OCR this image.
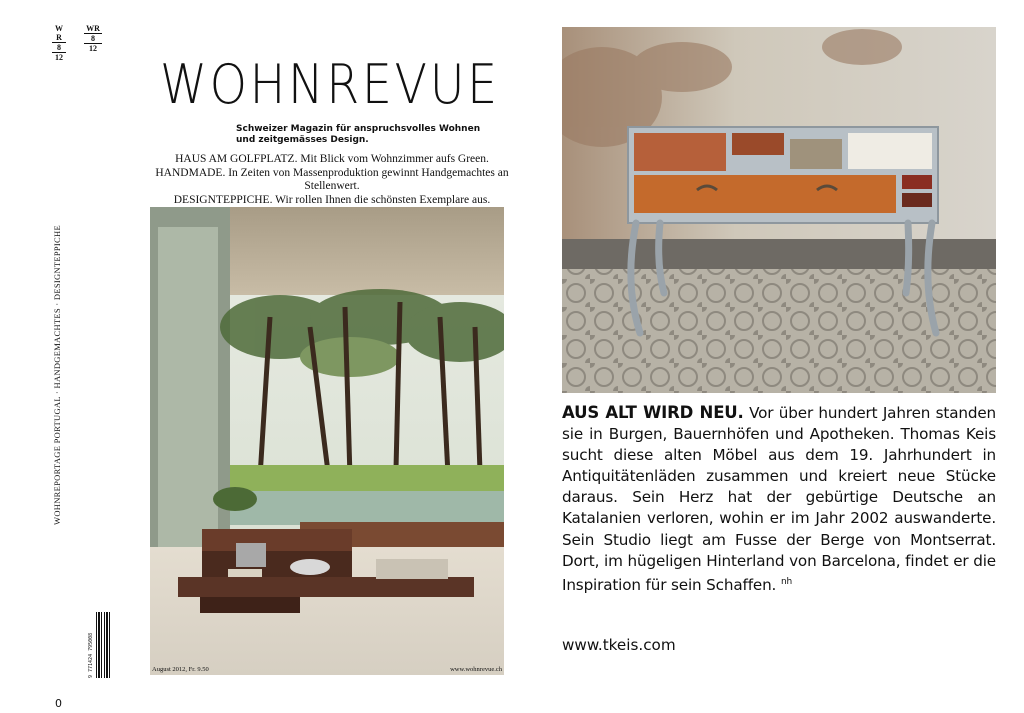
W

R
8
12
WR
8
12
WOHNREPORTAGE PORTUGAL · HANDGEMACHTES · DESIGNTEPPICHE
9 771424 795008
0
WOHNREVUE
Schweizer Magazin für anspruchsvolles Wohnen
und zeitgemässes Design.
HAUS AM GOLFPLATZ. Mit Blick vom Wohnzimmer aufs Green.
HANDMADE. In Zeiten von Massenproduktion gewinnt Handgemachtes an Stellenwert.
DESIGNTEPPICHE. Wir rollen Ihnen die schönsten Exemplare aus.
August 2012, Fr. 9.50	www.wohnrevue.ch
AUS ALT WIRD NEU. Vor über hundert Jahren standen sie in Burgen, Bauernhöfen und Apotheken. Thomas Keis sucht diese alten Möbel aus dem 19. Jahrhundert in Antiquitätenläden zusammen und kreiert neue Stücke daraus. Sein Herz hat der gebürtige Deutsche an Katalanien verloren, wohin er im Jahr 2002 auswanderte. Sein Studio liegt am Fusse der Berge von Montserrat. Dort, im hügeligen Hinterland von Barcelona, findet er die Inspiration für sein Schaffen. $^{nh}$
www.tkeis.com
